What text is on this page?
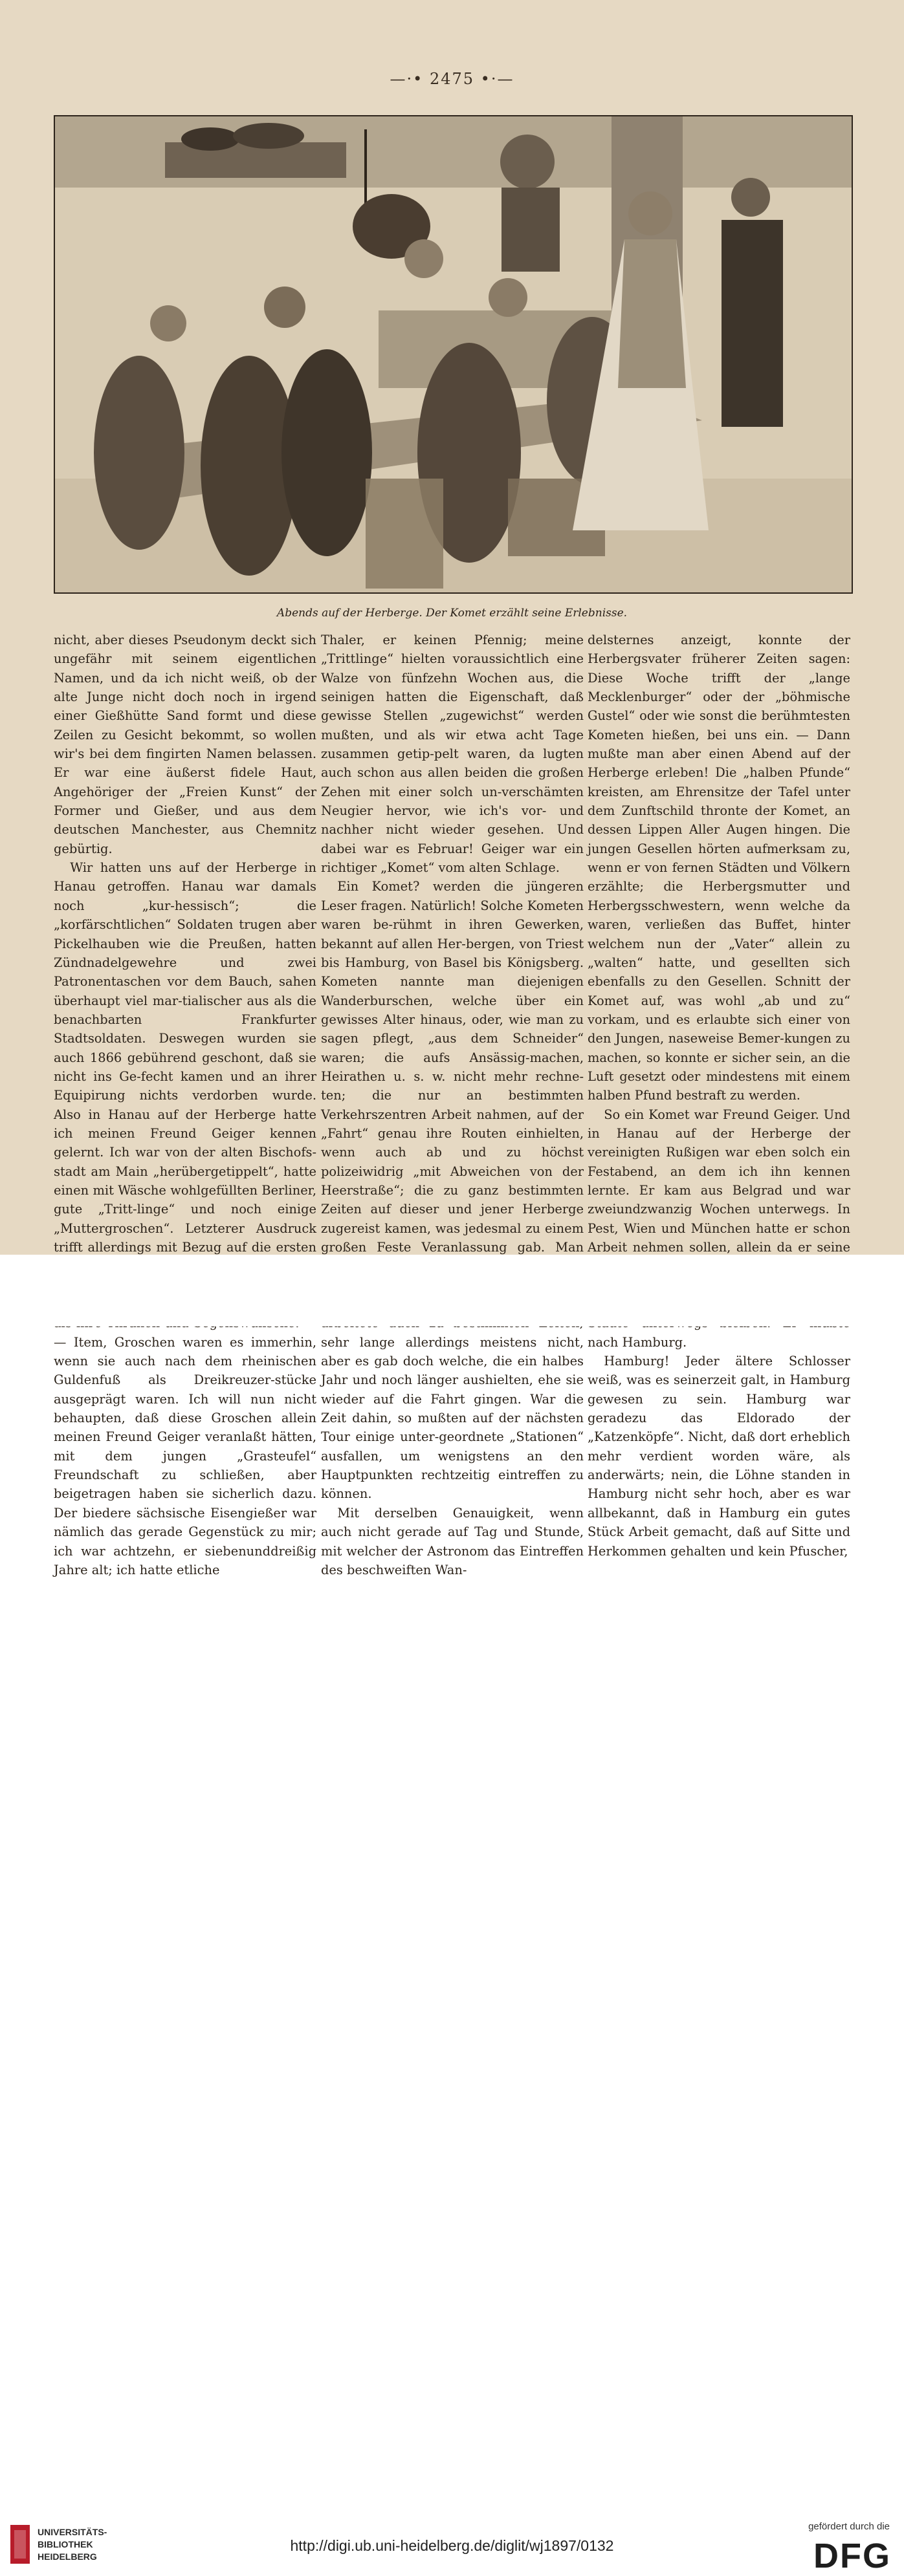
—·• 2475 •·—
Abends auf der Herberge. Der Komet erzählt seine Erlebnisse.

nicht, aber dieses Pseudonym deckt sich ungefähr mit seinem eigentlichen Namen, und da ich nicht weiß, ob der alte Junge nicht doch noch in irgend einer Gießhütte Sand formt und diese Zeilen zu Gesicht bekommt, so wollen wir's bei dem fingirten Namen belassen. Er war eine äußerst fidele Haut, Angehöriger der „Freien Kunst“ der Former und Gießer, und aus dem deutschen Manchester, aus Chemnitz gebürtig.

Wir hatten uns auf der Herberge in Hanau getroffen. Hanau war damals noch „kur-hessisch“; die „korfärschtlichen“ Soldaten trugen aber Pickelhauben wie die Preußen, hatten Zündnadelgewehre und zwei Patronentaschen vor dem Bauch, sahen überhaupt viel mar-tialischer aus als die benachbarten Frankfurter Stadtsoldaten. Deswegen wurden sie auch 1866 gebührend geschont, daß sie nicht ins Ge-fecht kamen und an ihrer Equipirung nichts verdorben wurde. Also in Hanau auf der Herberge hatte ich meinen Freund Geiger kennen gelernt. Ich war von der alten Bischofs-stadt am Main „herübergetippelt“, hatte einen mit Wäsche wohlgefüllten Berliner, gute „Tritt-linge“ und noch einige „Muttergroschen“. Letzterer Ausdruck trifft allerdings mit Bezug auf die ersten — Item, Groschen waren es immerhin, wenn sie auch nach dem rheinischen Guldenfuß als Dreikreuzer-stücke ausgeprägt waren. Ich will nun nicht behaupten, daß diese Groschen allein meinen Freund Geiger veranlaßt hätten, mit dem jungen „Grasteufel“ Freundschaft zu schließen, aber beigetragen haben sie sicherlich dazu. Der biedere sächsische Eisengießer war nämlich das gerade Gegenstück zu mir; ich war achtzehn, er siebenunddreißig Jahre alt; ich hatte etliche

Thaler, er keinen Pfennig; meine „Trittlinge“ hielten voraussichtlich eine Walze von fünfzehn Wochen aus, die seinigen hatten die Eigenschaft, daß gewisse Stellen „zugewichst“ werden mußten, und als wir etwa acht Tage zusammen getip-pelt waren, da lugten auch schon aus allen beiden die großen Zehen mit einer solch un-verschämten Neugier hervor, wie ich's vor- und nachher nicht wieder gesehen. Und dabei war es Februar! Geiger war ein richtiger „Komet“ vom alten Schlage.

Ein Komet? werden die jüngeren Leser fragen. Natürlich! Solche Kometen waren be-rühmt in ihren Gewerken, bekannt auf allen Her-bergen, von Triest bis Hamburg, von Basel bis Königsberg. Kometen nannte man diejenigen Wanderburschen, welche über ein gewisses Alter hinaus, oder, wie man zu sagen pflegt, „aus dem Schneider“ waren; die aufs Ansässig-machen, Heirathen u. s. w. nicht mehr rechne-ten; die nur an bestimmten Verkehrszentren Arbeit nahmen, auf der „Fahrt“ genau ihre Routen einhielten, wenn auch ab und zu höchst polizeiwidrig „mit Abweichen von der Heerstraße“; die zu ganz bestimmten Zeiten auf dieser und jener Herberge zugereist kamen, was jedesmal zu einem großen Feste Veranlassung gab. Man sehr lange allerdings meistens nicht, aber es gab doch welche, die ein halbes Jahr und noch länger aushielten, ehe sie wieder auf die Fahrt gingen. War die Zeit dahin, so mußten auf der nächsten Tour einige unter-geordnete „Stationen“ ausfallen, um wenigstens an den Hauptpunkten rechtzeitig eintreffen zu können.

Mit derselben Genauigkeit, wenn auch nicht gerade auf Tag und Stunde, mit welcher der Astronom das Eintreffen des beschweiften Wan-

delsternes anzeigt, konnte der Herbergsvater früherer Zeiten sagen: Diese Woche trifft der „lange Mecklenburger“ oder der „böhmische Gustel“ oder wie sonst die berühmtesten Kometen hießen, bei uns ein. — Dann mußte man aber einen Abend auf der Herberge erleben! Die „halben Pfunde“ kreisten, am Ehrensitze der Tafel unter dem Zunftschild thronte der Komet, an dessen Lippen Aller Augen hingen. Die jungen Gesellen hörten aufmerksam zu, wenn er von fernen Städten und Völkern erzählte; die Herbergsmutter und Herbergsschwestern, wenn welche da waren, verließen das Buffet, hinter welchem nun der „Vater“ allein zu „walten“ hatte, und gesellten sich ebenfalls zu den Gesellen. Schnitt der Komet auf, was wohl „ab und zu“ vorkam, und es erlaubte sich einer von den Jungen, naseweise Bemer-kungen zu machen, so konnte er sicher sein, an die Luft gesetzt oder mindestens mit einem halben Pfund bestraft zu werden.

So ein Komet war Freund Geiger. Und in Hanau auf der Herberge der vereinigten Rußigen war eben solch ein Festabend, an dem ich ihn kennen lernte. Er kam aus Belgrad und war zweiundzwanzig Wochen unterwegs. In Pest, Wien und München hatte er schon Arbeit nehmen sollen, allein da er seine nach Hamburg.

Hamburg! Jeder ältere Schlosser weiß, was es seinerzeit galt, in Hamburg gewesen zu sein. Hamburg war geradezu das Eldorado der „Katzenköpfe“. Nicht, daß dort erheblich mehr verdient worden wäre, als anderwärts; nein, die Löhne standen in Hamburg nicht sehr hoch, aber es war allbekannt, daß in Hamburg ein gutes Stück Arbeit gemacht, daß auf Sitte und Herkommen gehalten und kein Pfuscher,

UNIVERSITÄTS-
BIBLIOTHEK
HEIDELBERG
http://digi.ub.uni-heidelberg.de/diglit/wj1897/0132
gefördert durch die
DFG
